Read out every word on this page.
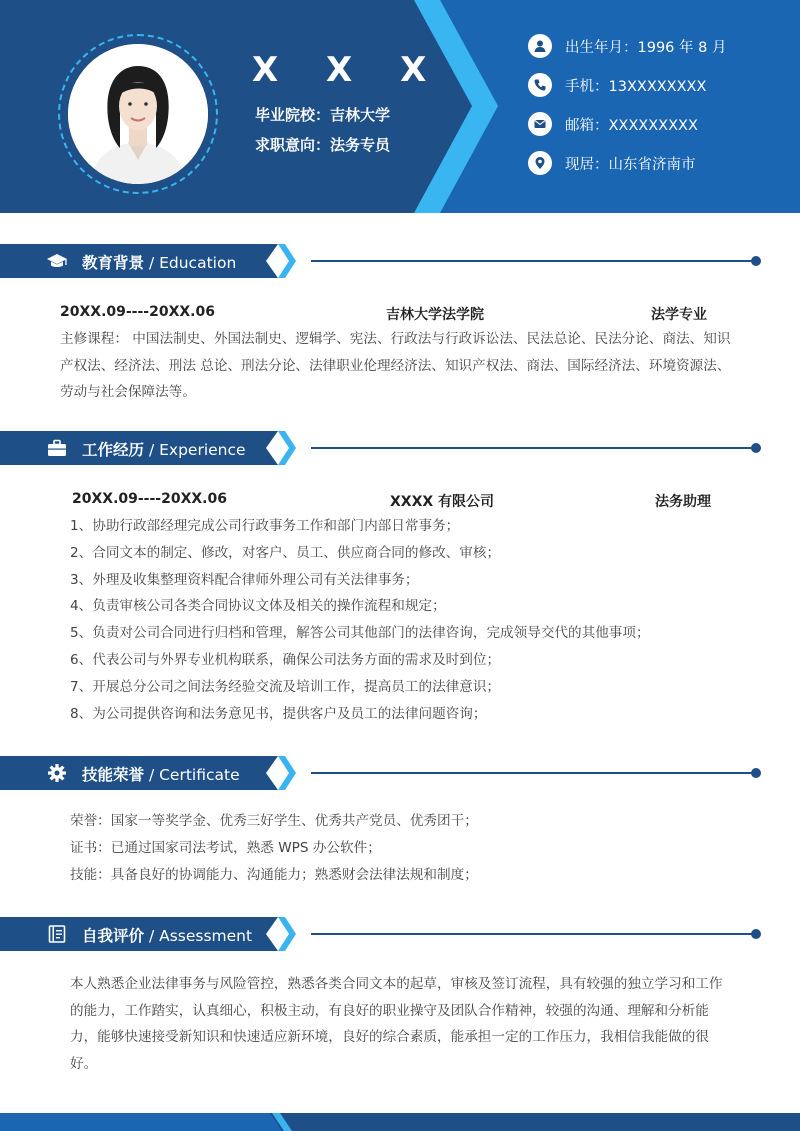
X X X
毕业院校：吉林大学
求职意向：法务专员
出生年月：1996 年 8 月
手机：13XXXXXXXX
邮箱：XXXXXXXXX
现居：山东省济南市
教育背景 / Education
20XX.09----20XX.06	吉林大学法学院	法学专业
主修课程： 中国法制史、外国法制史、逻辑学、宪法、行政法与行政诉讼法、民法总论、民法分论、商法、知识产权法、经济法、刑法 总论、刑法分论、法律职业伦理经济法、知识产权法、商法、国际经济法、环境资源法、劳动与社会保障法等。
工作经历 / Experience
20XX.09----20XX.06	XXXX 有限公司	法务助理
1、协助行政部经理完成公司行政事务工作和部门内部日常事务；
2、合同文本的制定、修改，对客户、员工、供应商合同的修改、审核；
3、外理及收集整理资料配合律师外理公司有关法律事务；
4、负责审核公司各类合同协议文体及相关的操作流程和规定；
5、负责对公司合同进行归档和管理，解答公司其他部门的法律咨询，完成领导交代的其他事项；
6、代表公司与外界专业机构联系，确保公司法务方面的需求及时到位；
7、开展总分公司之间法务经验交流及培训工作，提高员工的法律意识；
8、为公司提供咨询和法务意见书，提供客户及员工的法律问题咨询；
技能荣誉 / Certificate
荣誉：国家一等奖学金、优秀三好学生、优秀共产党员、优秀团干；
证书：已通过国家司法考试，熟悉 WPS 办公软件；
技能：具备良好的协调能力、沟通能力；熟悉财会法律法规和制度；
自我评价 / Assessment
本人熟悉企业法律事务与风险管控，熟悉各类合同文本的起草，审核及签订流程，具有较强的独立学习和工作的能力，工作踏实，认真细心，积极主动，有良好的职业操守及团队合作精神，较强的沟通、理解和分析能力，能够快速接受新知识和快速适应新环境，良好的综合素质，能承担一定的工作压力，我相信我能做的很好。
